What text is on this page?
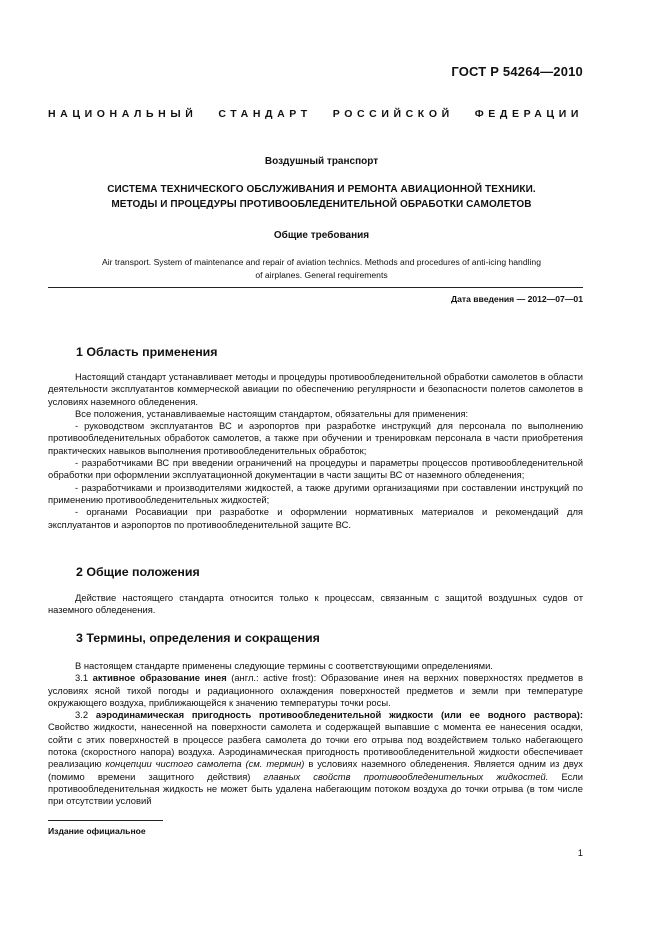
ГОСТ Р 54264—2010
НАЦИОНАЛЬНЫЙ СТАНДАРТ РОССИЙСКОЙ ФЕДЕРАЦИИ
Воздушный транспорт
СИСТЕМА ТЕХНИЧЕСКОГО ОБСЛУЖИВАНИЯ И РЕМОНТА АВИАЦИОННОЙ ТЕХНИКИ.
МЕТОДЫ И ПРОЦЕДУРЫ ПРОТИВООБЛЕДЕНИТЕЛЬНОЙ ОБРАБОТКИ САМОЛЕТОВ
Общие требования
Air transport. System of maintenance and repair of aviation technics. Methods and procedures of anti-icing handling
of airplanes. General requirements
Дата введения — 2012—07—01
1 Область применения

Настоящий стандарт устанавливает методы и процедуры противообледенительной обработки самолетов в области деятельности эксплуатантов коммерческой авиации по обеспечению регулярности и безопасности полетов самолетов в условиях наземного обледенения.

Все положения, устанавливаемые настоящим стандартом, обязательны для применения:

- руководством эксплуатантов ВС и аэропортов при разработке инструкций для персонала по выполнению противообледенительных обработок самолетов, а также при обучении и тренировкам персонала в части приобретения практических навыков выполнения противообледенительных обработок;

- разработчиками ВС при введении ограничений на процедуры и параметры процессов противообледенительной обработки при оформлении эксплуатационной документации в части защиты ВС от наземного обледенения;

- разработчиками и производителями жидкостей, а также другими организациями при составлении инструкций по применению противообледенительных жидкостей;

- органами Росавиации при разработке и оформлении нормативных материалов и рекомендаций для эксплуатантов и аэропортов по противообледенительной защите ВС.

2 Общие положения

Действие настоящего стандарта относится только к процессам, связанным с защитой воздушных судов от наземного обледенения.

3 Термины, определения и сокращения

В настоящем стандарте применены следующие термины с соответствующими определениями.

3.1 активное образование инея (англ.: active frost): Образование инея на верхних поверхностях предметов в условиях ясной тихой погоды и радиационного охлаждения поверхностей предметов и земли при температуре окружающего воздуха, приближающейся к значению температуры точки росы.

3.2 аэродинамическая пригодность противообледенительной жидкости (или ее водного раствора): Свойство жидкости, нанесенной на поверхности самолета и содержащей выпавшие с момента ее нанесения осадки, сойти с этих поверхностей в процессе разбега самолета до точки его отрыва под воздействием только набегающего потока (скоростного напора) воздуха. Аэродинамическая пригодность противообледенительной жидкости обеспечивает реализацию концепции чистого самолета (см. термин) в условиях наземного обледенения. Является одним из двух (помимо времени защитного действия) главных свойств противообледенительных жидкостей. Если противообледенительная жидкость не может быть удалена набегающим потоком воздуха до точки отрыва (в том числе при отсутствии условий

Издание официальное
1
